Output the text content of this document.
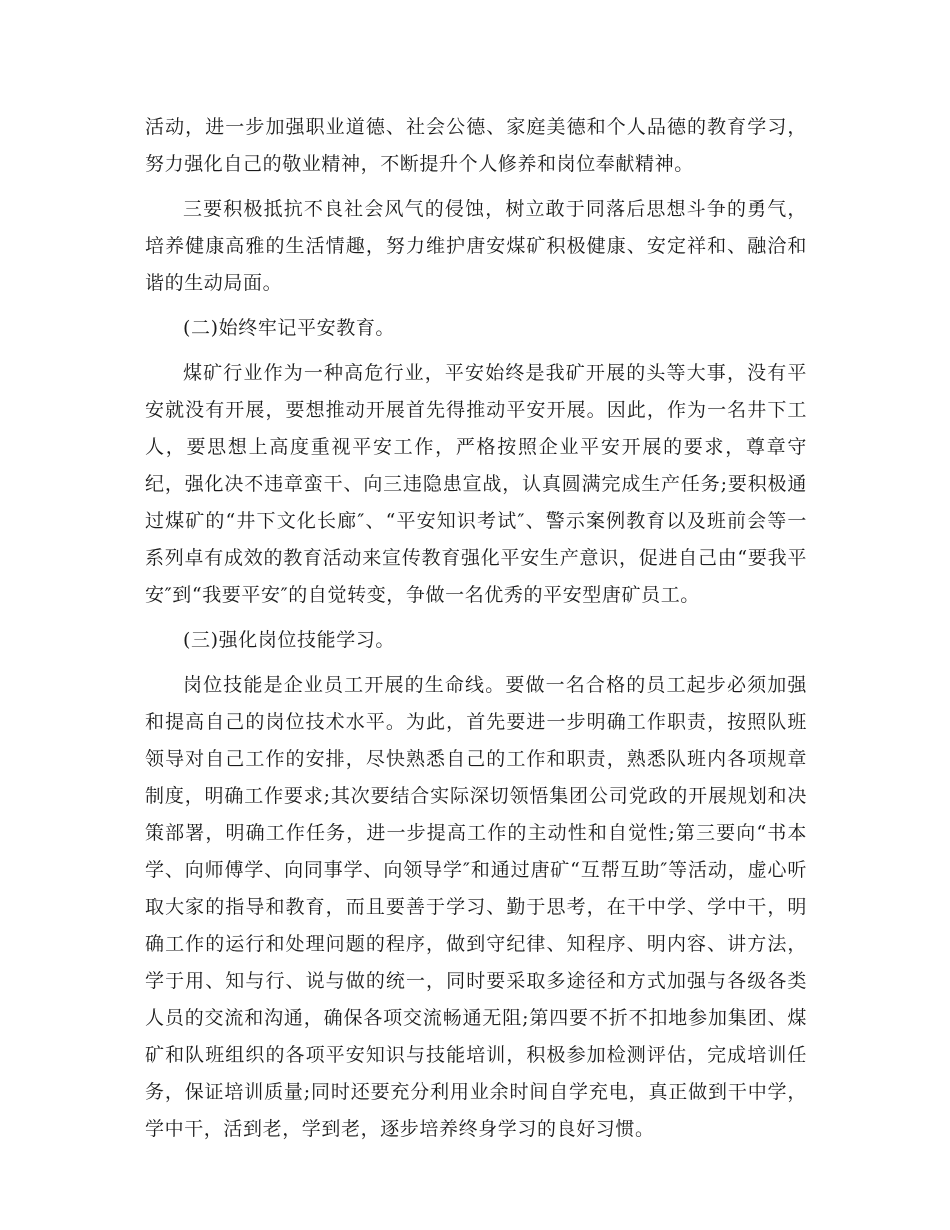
活动，进一步加强职业道德、社会公德、家庭美德和个人品德的教育学习，努力强化自己的敬业精神，不断提升个人修养和岗位奉献精神。

三要积极抵抗不良社会风气的侵蚀，树立敢于同落后思想斗争的勇气，培养健康高雅的生活情趣，努力维护唐安煤矿积极健康、安定祥和、融洽和谐的生动局面。

(二)始终牢记平安教育。

煤矿行业作为一种高危行业，平安始终是我矿开展的头等大事，没有平安就没有开展，要想推动开展首先得推动平安开展。因此，作为一名井下工人，要思想上高度重视平安工作，严格按照企业平安开展的要求，尊章守纪，强化决不违章蛮干、向三违隐患宣战，认真圆满完成生产任务;要积极通过煤矿的“井下文化长廊″、“平安知识考试″、警示案例教育以及班前会等一系列卓有成效的教育活动来宣传教育强化平安生产意识，促进自己由“要我平安″到“我要平安″的自觉转变，争做一名优秀的平安型唐矿员工。

(三)强化岗位技能学习。

岗位技能是企业员工开展的生命线。要做一名合格的员工起步必须加强和提高自己的岗位技术水平。为此，首先要进一步明确工作职责，按照队班领导对自己工作的安排，尽快熟悉自己的工作和职责，熟悉队班内各项规章制度，明确工作要求;其次要结合实际深切领悟集团公司党政的开展规划和决策部署，明确工作任务，进一步提高工作的主动性和自觉性;第三要向“书本学、向师傅学、向同事学、向领导学″和通过唐矿“互帮互助″等活动，虚心听取大家的指导和教育，而且要善于学习、勤于思考，在干中学、学中干，明确工作的运行和处理问题的程序，做到守纪律、知程序、明内容、讲方法，学于用、知与行、说与做的统一，同时要采取多途径和方式加强与各级各类人员的交流和沟通，确保各项交流畅通无阻;第四要不折不扣地参加集团、煤矿和队班组织的各项平安知识与技能培训，积极参加检测评估，完成培训任务，保证培训质量;同时还要充分利用业余时间自学充电，真正做到干中学，学中干，活到老，学到老，逐步培养终身学习的良好习惯。
